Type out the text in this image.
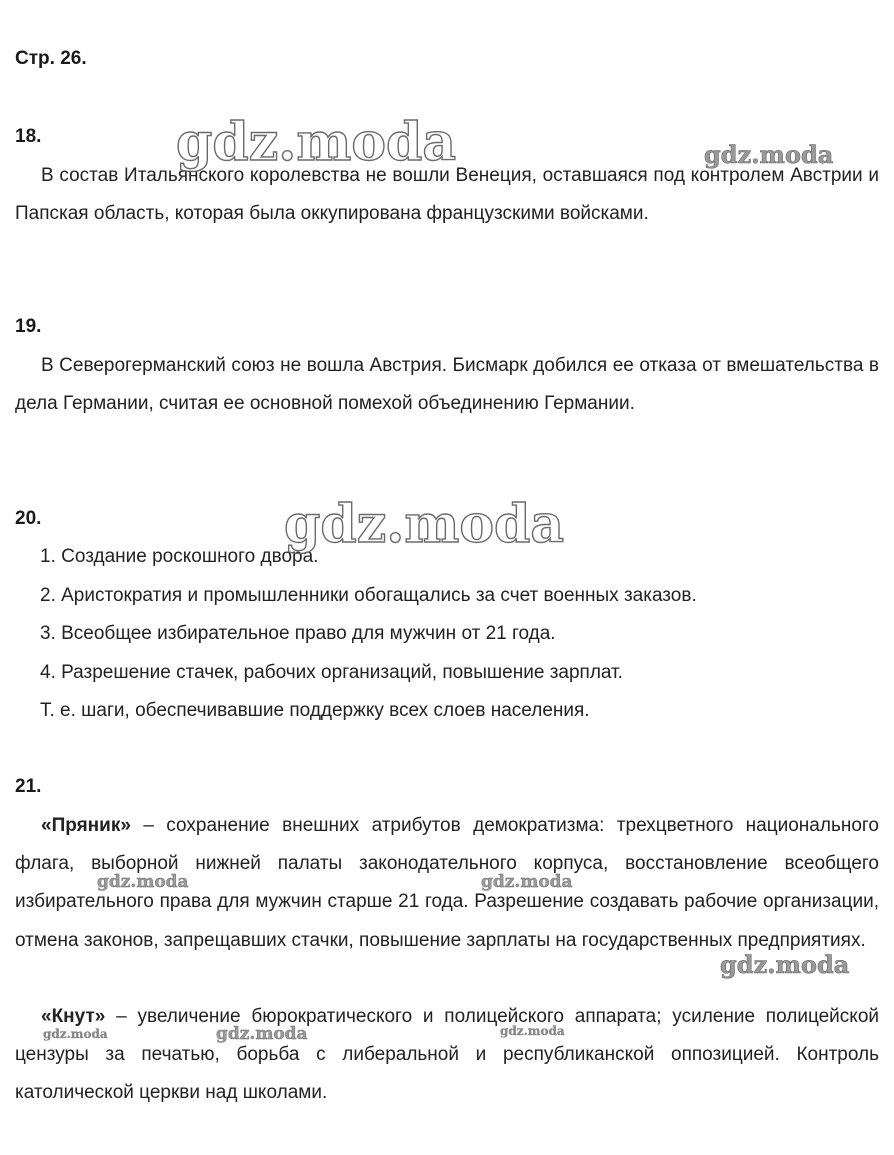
Стр. 26.

18.

В состав Итальянского королевства не вошли Венеция, оставшаяся под контролем Австрии и Папская область, которая была оккупирована французскими войсками.

19.

В Северогерманский союз не вошла Австрия. Бисмарк добился ее отказа от вмешательства в дела Германии, считая ее основной помехой объединению Германии.

20.

1. Создание роскошного двора.
2. Аристократия и промышленники обогащались за счет военных заказов.
3. Всеобщее избирательное право для мужчин от 21 года.
4. Разрешение стачек, рабочих организаций, повышение зарплат.
Т. е. шаги, обеспечивавшие поддержку всех слоев населения.

21.

«Пряник» – сохранение внешних атрибутов демократизма: трехцветного национального флага, выборной нижней палаты законодательного корпуса, восстановление всеобщего избирательного права для мужчин старше 21 года. Разрешение создавать рабочие организации, отмена законов, запрещавших стачки, повышение зарплаты на государственных предприятиях.

«Кнут» – увеличение бюрократического и полицейского аппарата; усиление полицейской цензуры за печатью, борьба с либеральной и республиканской оппозицией. Контроль католической церкви над школами.

gdz.moda	gdz.moda
gdz.moda
gdz.moda	gdz.moda
gdz.moda
gdz.moda	gdz.moda	gdz.moda
